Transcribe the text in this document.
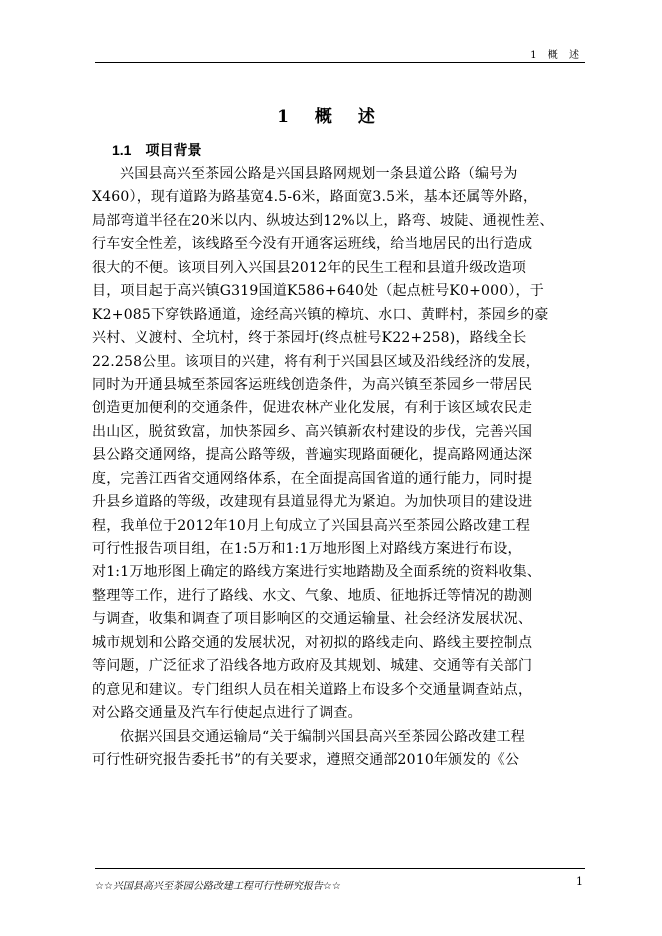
1 概 述
1 概 述
1.1 项目背景
兴国县高兴至茶园公路是兴国县路网规划一条县道公路（编号为
X460），现有道路为路基宽4.5-6米，路面宽3.5米，基本还属等外路，
局部弯道半径在20米以内、纵坡达到12%以上，路弯、坡陡、通视性差、
行车安全性差，该线路至今没有开通客运班线，给当地居民的出行造成
很大的不便。该项目列入兴国县2012年的民生工程和县道升级改造项
目，项目起于高兴镇G319国道K586+640处（起点桩号K0+000），于
K2+085下穿铁路通道，途经高兴镇的樟坑、水口、黄畔村，茶园乡的豪
兴村、义渡村、全坑村，终于茶园圩(终点桩号K22+258)，路线全长
22.258公里。该项目的兴建，将有利于兴国县区域及沿线经济的发展，
同时为开通县城至茶园客运班线创造条件，为高兴镇至茶园乡一带居民
创造更加便利的交通条件，促进农林产业化发展，有利于该区域农民走
出山区，脱贫致富，加快茶园乡、高兴镇新农村建设的步伐，完善兴国
县公路交通网络，提高公路等级，普遍实现路面硬化，提高路网通达深
度，完善江西省交通网络体系，在全面提高国省道的通行能力，同时提
升县乡道路的等级，改建现有县道显得尤为紧迫。为加快项目的建设进
程，我单位于2012年10月上旬成立了兴国县高兴至茶园公路改建工程
可行性报告项目组，在1:5万和1:1万地形图上对路线方案进行布设，
对1:1万地形图上确定的路线方案进行实地踏勘及全面系统的资料收集、
整理等工作，进行了路线、水文、气象、地质、征地拆迁等情况的勘测
与调查，收集和调查了项目影响区的交通运输量、社会经济发展状况、
城市规划和公路交通的发展状况，对初拟的路线走向、路线主要控制点
等问题，广泛征求了沿线各地方政府及其规划、城建、交通等有关部门
的意见和建议。专门组织人员在相关道路上布设多个交通量调查站点，
对公路交通量及汽车行使起点进行了调查。
依据兴国县交通运输局“关于编制兴国县高兴至茶园公路改建工程
可行性研究报告委托书”的有关要求，遵照交通部2010年颁发的《公
☆☆兴国县高兴至茶园公路改建工程可行性研究报告☆☆	1
